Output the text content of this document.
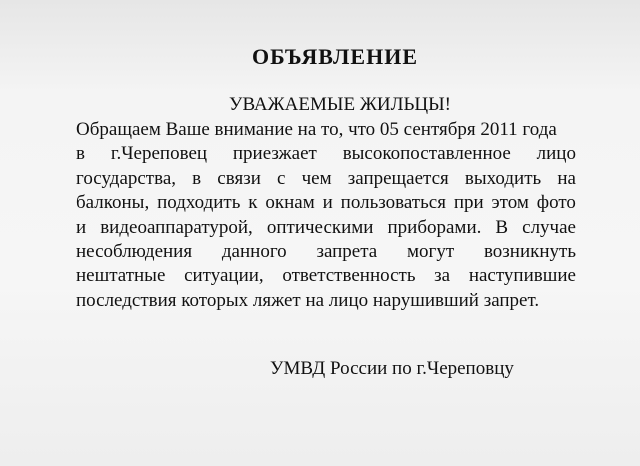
ОБЪЯВЛЕНИЕ
УВАЖАЕМЫЕ ЖИЛЬЦЫ!
Обращаем Ваше внимание на то, что 05 сентября 2011 года
в г.Череповец приезжает высокопоставленное лицо
государства, в связи с чем запрещается выходить на
балконы, подходить к окнам и пользоваться при этом фото
и видеоаппаратурой, оптическими приборами. В случае
несоблюдения данного запрета могут возникнуть
нештатные ситуации, ответственность за наступившие
последствия которых ляжет на лицо нарушивший запрет.

УМВД России по г.Череповцу
